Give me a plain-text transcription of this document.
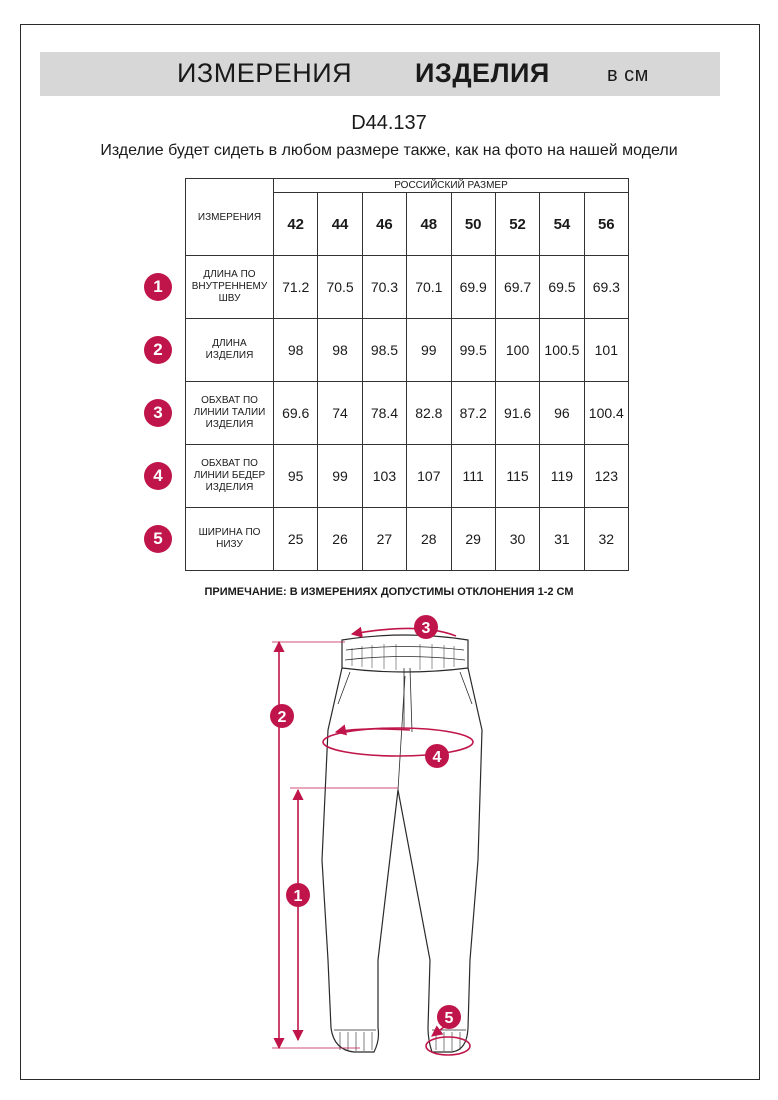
ИЗМЕРЕНИЯ ИЗДЕЛИЯ	в см
D44.137
Изделие будет сидеть в любом размере также, как на фото на нашей модели
ИЗМЕРЕНИЯ	РОССИЙСКИЙ РАЗМЕР							
	42	44	46	48	50	52	54	56

ДЛИНА ПО
ВНУТРЕННЕМУ
ШВУ	71.2	70.5	70.3	70.1	69.9	69.7	69.5	69.3

ДЛИНА
ИЗДЕЛИЯ	98	98	98.5	99	99.5	100	100.5	101

ОБХВАТ ПО
ЛИНИИ ТАЛИИ
ИЗДЕЛИЯ	69.6	74	78.4	82.8	87.2	91.6	96	100.4

ОБХВАТ ПО
ЛИНИИ БЕДЕР
ИЗДЕЛИЯ	95	99	103	107	111	115	119	123

ШИРИНА ПО
НИЗУ	25	26	27	28	29	30	31	32
ПРИМЕЧАНИЕ: В ИЗМЕРЕНИЯХ ДОПУСТИМЫ ОТКЛОНЕНИЯ 1-2 СМ
1
2
3
4
5
3
2
4
1
5
